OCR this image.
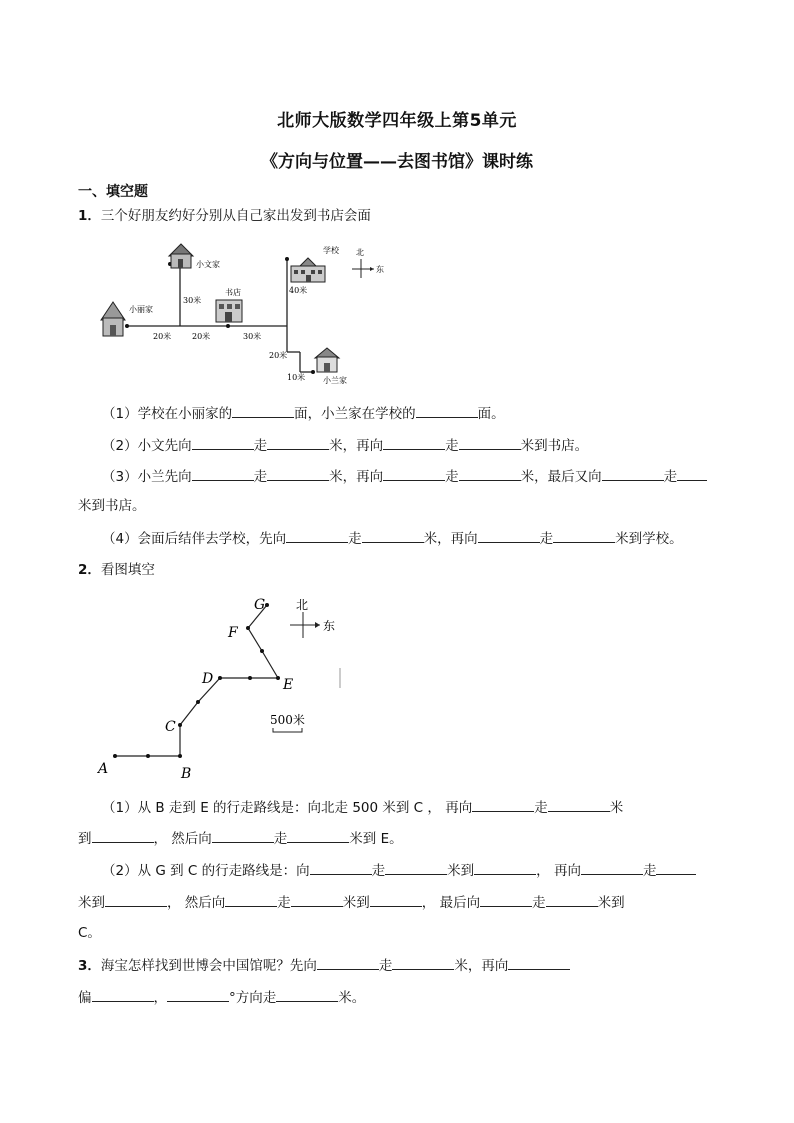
北师大版数学四年级上第5单元
《方向与位置——去图书馆》课时练
一、填空题
1．三个好朋友约好分别从自己家出发到书店会面
小丽家
小文家
书店
学校
小兰家
北
东
20米	20米	30米
30米
40米
20米
10米
（1）学校在小丽家的	面，小兰家在学校的	面。
（2）小文先向	走	米，再向	走	米到书店。
（3）小兰先向	走	米，再向	走	米，最后又向	走
米到书店。
（4）会面后结伴去学校，先向	走	米，再向	走	米到学校。
2．看图填空
A	B
C
D	E
F
G	北
东
500米
（1）从 B 走到 E 的行走路线是：向北走 500 米到 C ， 再向	走	米
到	， 然后向	走	米到 E。
（2）从 G 到 C 的行走路线是：向	走	米到	， 再向	走
米到	， 然后向	走	米到	， 最后向	走	米到
C。
3．海宝怎样找到世博会中国馆呢？先向	走	米，再向
偏	，	°方向走	米。
